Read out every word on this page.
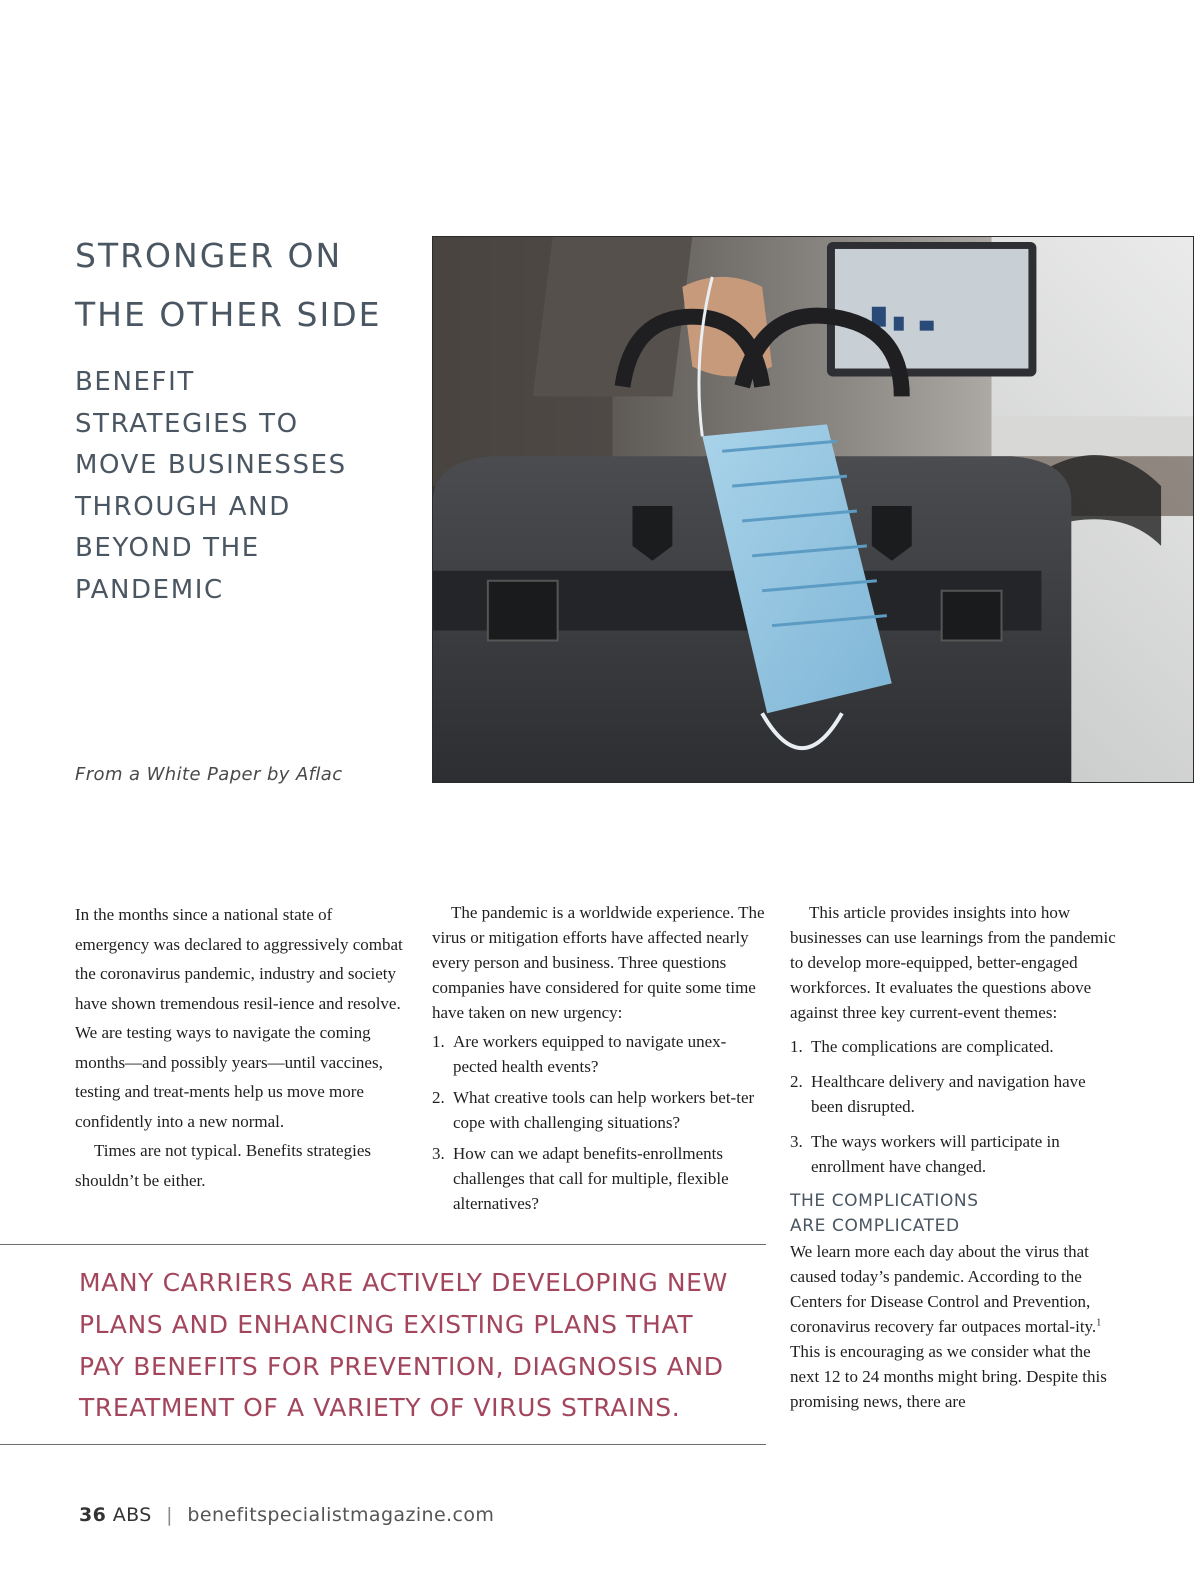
STRONGER ON
THE OTHER SIDE
BENEFIT
STRATEGIES TO
MOVE BUSINESSES
THROUGH AND
BEYOND THE
PANDEMIC

From a White Paper by Aflac

In the months since a national state of emergency was declared to aggressively combat the coronavirus pandemic, industry and society have shown tremendous resil-ience and resolve. We are testing ways to navigate the coming months—and possibly years—until vaccines, testing and treat-ments help us move more confidently into a new normal.

Times are not typical. Benefits strategies shouldn’t be either.

The pandemic is a worldwide experience. The virus or mitigation efforts have affected nearly every person and business. Three questions companies have considered for quite some time have taken on new urgency:

1. Are workers equipped to navigate unex-pected health events?
2. What creative tools can help workers bet-ter cope with challenging situations?
3. How can we adapt benefits-enrollments challenges that call for multiple, flexible alternatives?

This article provides insights into how businesses can use learnings from the pandemic to develop more-equipped, better-engaged workforces. It evaluates the questions above against three key current-event themes:

1. The complications are complicated.
2. Healthcare delivery and navigation have been disrupted.
3. The ways workers will participate in enrollment have changed.

THE COMPLICATIONS
ARE COMPLICATED

We learn more each day about the virus that caused today’s pandemic. According to the Centers for Disease Control and Prevention, coronavirus recovery far outpaces mortal-ity.$^1$ This is encouraging as we consider what the next 12 to 24 months might bring. Despite this promising news, there are

MANY CARRIERS ARE ACTIVELY DEVELOPING NEW
PLANS AND ENHANCING EXISTING PLANS THAT
PAY BENEFITS FOR PREVENTION, DIAGNOSIS AND
TREATMENT OF A VARIETY OF VIRUS STRAINS.

36 ABS | benefitspecialistmagazine.com
